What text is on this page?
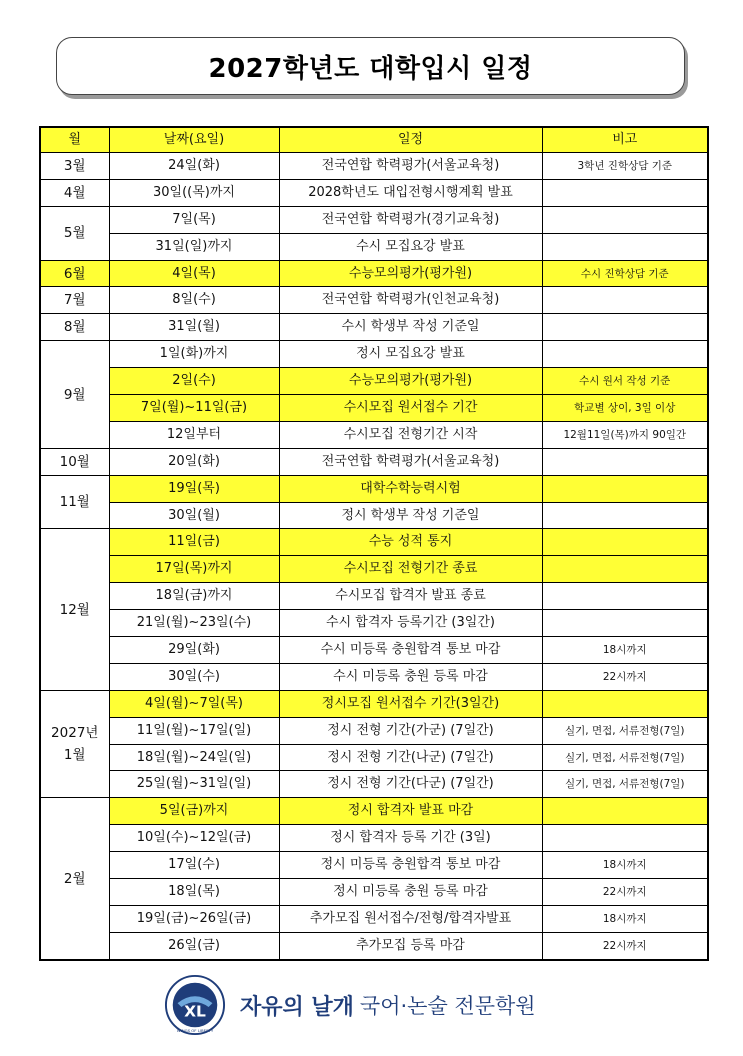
2027학년도 대학입시 일정
월	날짜(요일)	일정	비고
3월	24일(화)	전국연합 학력평가(서울교육청)	3학년 진학상담 기준
4월	30일((목)까지	2028학년도 대입전형시행계획 발표	
5월	7일(목)	전국연합 학력평가(경기교육청)	
	31일(일)까지	수시 모집요강 발표	
6월	4일(목)	수능모의평가(평가원)	수시 진학상담 기준
7월	8일(수)	전국연합 학력평가(인천교육청)	
8월	31일(월)	수시 학생부 작성 기준일	
9월	1일(화)까지	정시 모집요강 발표	
	2일(수)	수능모의평가(평가원)	수시 원서 작성 기준
	7일(월)~11일(금)	수시모집 원서접수 기간	학교별 상이, 3일 이상
	12일부터	수시모집 전형기간 시작	12월11일(목)까지 90일간
10월	20일(화)	전국연합 학력평가(서울교육청)	
11월	19일(목)	대학수학능력시험	
	30일(월)	정시 학생부 작성 기준일	
12월	11일(금)	수능 성적 통지	
	17일(목)까지	수시모집 전형기간 종료	
	18일(금)까지	수시모집 합격자 발표 종료	
	21일(월)~23일(수)	수시 합격자 등록기간 (3일간)	
	29일(화)	수시 미등록 충원합격 통보 마감	18시까지
	30일(수)	수시 미등록 충원 등록 마감	22시까지
2027년
1월	4일(월)~7일(목)	정시모집 원서접수 기간(3일간)	
	11일(월)~17일(일)	정시 전형 기간(가군) (7일간)	실기, 면접, 서류전형(7일)
	18일(월)~24일(일)	정시 전형 기간(나군) (7일간)	실기, 면접, 서류전형(7일)
	25일(월)~31일(일)	정시 전형 기간(다군) (7일간)	실기, 면접, 서류전형(7일)
2월	5일(금)까지	정시 합격자 발표 마감	
	10일(수)~12일(금)	정시 합격자 등록 기간 (3일)	
	17일(수)	정시 미등록 충원합격 통보 마감	18시까지
	18일(목)	정시 미등록 충원 등록 마감	22시까지
	19일(금)~26일(금)	추가모집 원서접수/전형/합격자발표	18시까지
	26일(금)	추가모집 등록 마감	22시까지
XL
WINGS OF LIBERTY
자유의 날개 국어·논술 전문학원
